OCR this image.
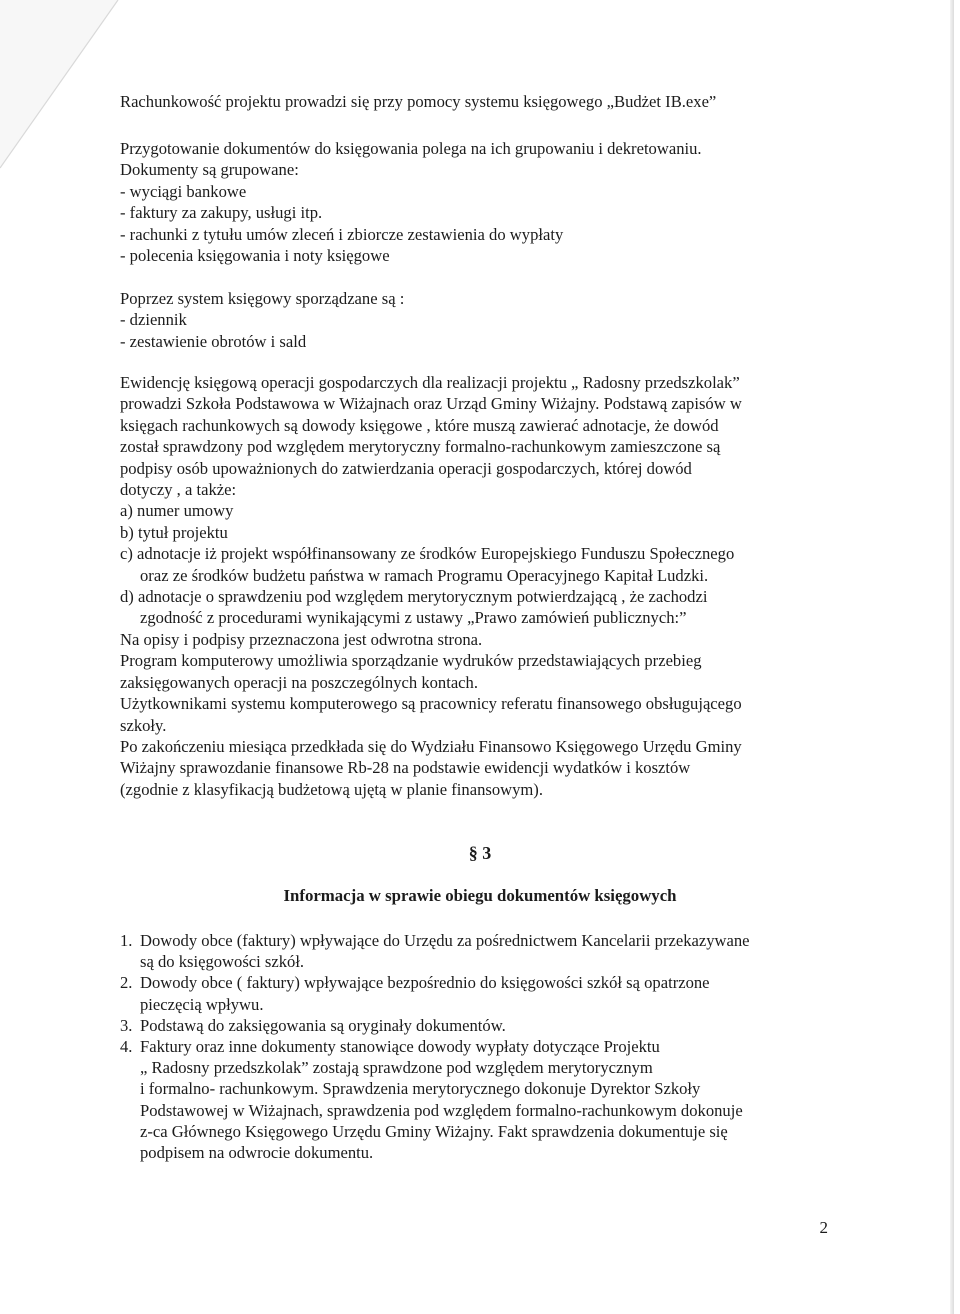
Rachunkowość projektu prowadzi się przy pomocy systemu księgowego „Budżet IB.exe”
Przygotowanie dokumentów do księgowania polega na ich grupowaniu i dekretowaniu.
Dokumenty są grupowane:
- wyciągi bankowe
- faktury za zakupy, usługi itp.
- rachunki z tytułu umów zleceń i zbiorcze zestawienia do wypłaty
- polecenia księgowania i noty księgowe
Poprzez system księgowy sporządzane są :
- dziennik
- zestawienie obrotów i sald
Ewidencję księgową operacji gospodarczych dla realizacji projektu „ Radosny przedszkolak”
prowadzi Szkoła Podstawowa w Wiżajnach oraz Urząd Gminy Wiżajny. Podstawą zapisów w
księgach rachunkowych są dowody księgowe , które muszą zawierać adnotacje, że dowód
został sprawdzony pod względem merytoryczny formalno-rachunkowym zamieszczone są
podpisy osób upoważnionych do zatwierdzania operacji gospodarczych, której dowód
dotyczy , a także:
a) numer umowy
b) tytuł projektu
c) adnotacje iż projekt współfinansowany ze środków Europejskiego Funduszu Społecznego
oraz ze środków budżetu państwa w ramach Programu Operacyjnego Kapitał Ludzki.
d) adnotacje o sprawdzeniu pod względem merytorycznym potwierdzającą , że zachodzi
zgodność z procedurami wynikającymi z ustawy „Prawo zamówień publicznych:”
Na opisy i podpisy przeznaczona jest odwrotna strona.
Program komputerowy umożliwia sporządzanie wydruków przedstawiających przebieg
zaksięgowanych operacji na poszczególnych kontach.
Użytkownikami systemu komputerowego są pracownicy referatu finansowego obsługującego
szkoły.
Po zakończeniu miesiąca przedkłada się do Wydziału Finansowo Księgowego Urzędu Gminy
Wiżajny sprawozdanie finansowe Rb-28 na podstawie ewidencji wydatków i kosztów
(zgodnie z klasyfikacją budżetową ujętą w planie finansowym).
§ 3
Informacja w sprawie obiegu dokumentów księgowych
1. Dowody obce (faktury) wpływające do Urzędu za pośrednictwem Kancelarii przekazywane
są do księgowości szkół.
2. Dowody obce ( faktury) wpływające bezpośrednio do księgowości szkół są opatrzone
pieczęcią wpływu.
3. Podstawą do zaksięgowania są oryginały dokumentów.
4. Faktury oraz inne dokumenty stanowiące dowody wypłaty dotyczące Projektu
„ Radosny przedszkolak” zostają sprawdzone pod względem merytorycznym
i formalno- rachunkowym. Sprawdzenia merytorycznego dokonuje Dyrektor Szkoły
Podstawowej w Wiżajnach, sprawdzenia pod względem formalno-rachunkowym dokonuje
z-ca Głównego Księgowego Urzędu Gminy Wiżajny. Fakt sprawdzenia dokumentuje się
podpisem na odwrocie dokumentu.
2
